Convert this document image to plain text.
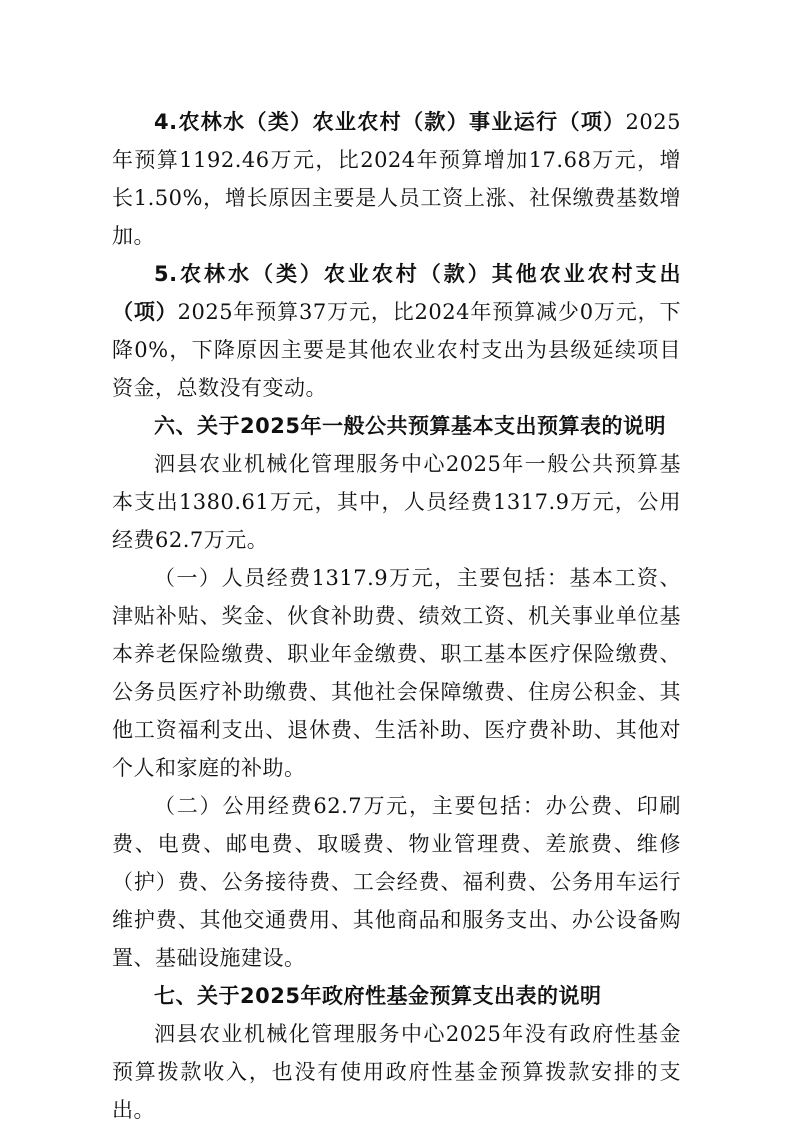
4.农林水（类）农业农村（款）事业运行（项）2025年预算1192.46万元，比2024年预算增加17.68万元，增长1.50%，增长原因主要是人员工资上涨、社保缴费基数增加。

5.农林水（类）农业农村（款）其他农业农村支出（项）2025年预算37万元，比2024年预算减少0万元，下降0%，下降原因主要是其他农业农村支出为县级延续项目资金，总数没有变动。

六、关于2025年一般公共预算基本支出预算表的说明

泗县农业机械化管理服务中心2025年一般公共预算基本支出1380.61万元，其中，人员经费1317.9万元，公用经费62.7万元。

（一）人员经费1317.9万元，主要包括：基本工资、津贴补贴、奖金、伙食补助费、绩效工资、机关事业单位基本养老保险缴费、职业年金缴费、职工基本医疗保险缴费、公务员医疗补助缴费、其他社会保障缴费、住房公积金、其他工资福利支出、退休费、生活补助、医疗费补助、其他对个人和家庭的补助。

（二）公用经费62.7万元，主要包括：办公费、印刷费、电费、邮电费、取暖费、物业管理费、差旅费、维修（护）费、公务接待费、工会经费、福利费、公务用车运行维护费、其他交通费用、其他商品和服务支出、办公设备购置、基础设施建设。

七、关于2025年政府性基金预算支出表的说明

泗县农业机械化管理服务中心2025年没有政府性基金预算拨款收入，也没有使用政府性基金预算拨款安排的支出。
